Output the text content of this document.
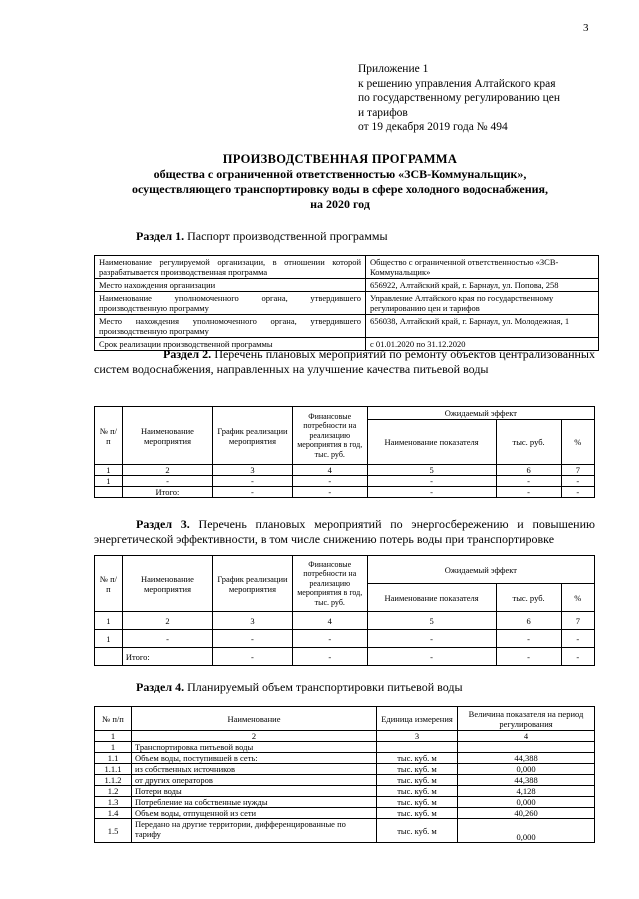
3
Приложение 1
к решению управления Алтайского края
по государственному регулированию цен
и тарифов
от 19 декабря 2019 года № 494
ПРОИЗВОДСТВЕННАЯ ПРОГРАММА
общества с ограниченной ответственностью «ЗСВ-Коммунальщик»,
осуществляющего транспортировку воды в сфере холодного водоснабжения,
на 2020 год
Раздел 1. Паспорт производственной программы
Наименование регулируемой организации, в отношении которой разрабатывается производственная программа	Общество с ограниченной ответственностью «ЗСВ-Коммунальщик»
Место нахождения организации	656922, Алтайский край, г. Барнаул, ул. Попова, 258
Наименование уполномоченного органа, утвердившего производственную программу	Управление Алтайского края по государственному регулированию цен и тарифов
Место нахождения уполномоченного органа, утвердившего производственную программу	656038, Алтайский край, г. Барнаул, ул. Молодежная, 1
Срок реализации производственной программы	с 01.01.2020 по 31.12.2020
Раздел 2. Перечень плановых мероприятий по ремонту объектов централизованных систем водоснабжения, направленных на улучшение качества питьевой воды
№ п/п	Наименование мероприятия	График реализации мероприятия	Финансовые потребности на реализацию мероприятия в год, тыс. руб.	Ожидаемый эффект		
				Наименование показателя	тыс. руб.	%
1	2	3	4	5	6	7
1	-	-	-	-	-	-
	Итого:	-	-	-	-	-
Раздел 3. Перечень плановых мероприятий по энергосбережению и повышению энергетической эффективности, в том числе снижению потерь воды при транспортировке
№ п/п	Наименование мероприятия	График реализации мероприятия	Финансовые потребности на реализацию мероприятия в год, тыс. руб.	Ожидаемый эффект		
				Наименование показателя	тыс. руб.	%
1	2	3	4	5	6	7
1	-	-	-	-	-	-
	Итого:	-	-	-	-	-
Раздел 4. Планируемый объем транспортировки питьевой воды
№ п/п	Наименование	Единица измерения	Величина показателя на период регулирования
1	2	3	4
1	Транспортировка питьевой воды		
1.1	Объем воды, поступившей в сеть:	тыс. куб. м	44,388
1.1.1	из собственных источников	тыс. куб. м	0,000
1.1.2	от других операторов	тыс. куб. м	44,388
1.2	Потери воды	тыс. куб. м	4,128
1.3	Потребление на собственные нужды	тыс. куб. м	0,000
1.4	Объем воды, отпущенной из сети	тыс. куб. м	40,260
1.5	Передано на другие территории, дифференцированные по тарифу	тыс. куб. м	0,000
